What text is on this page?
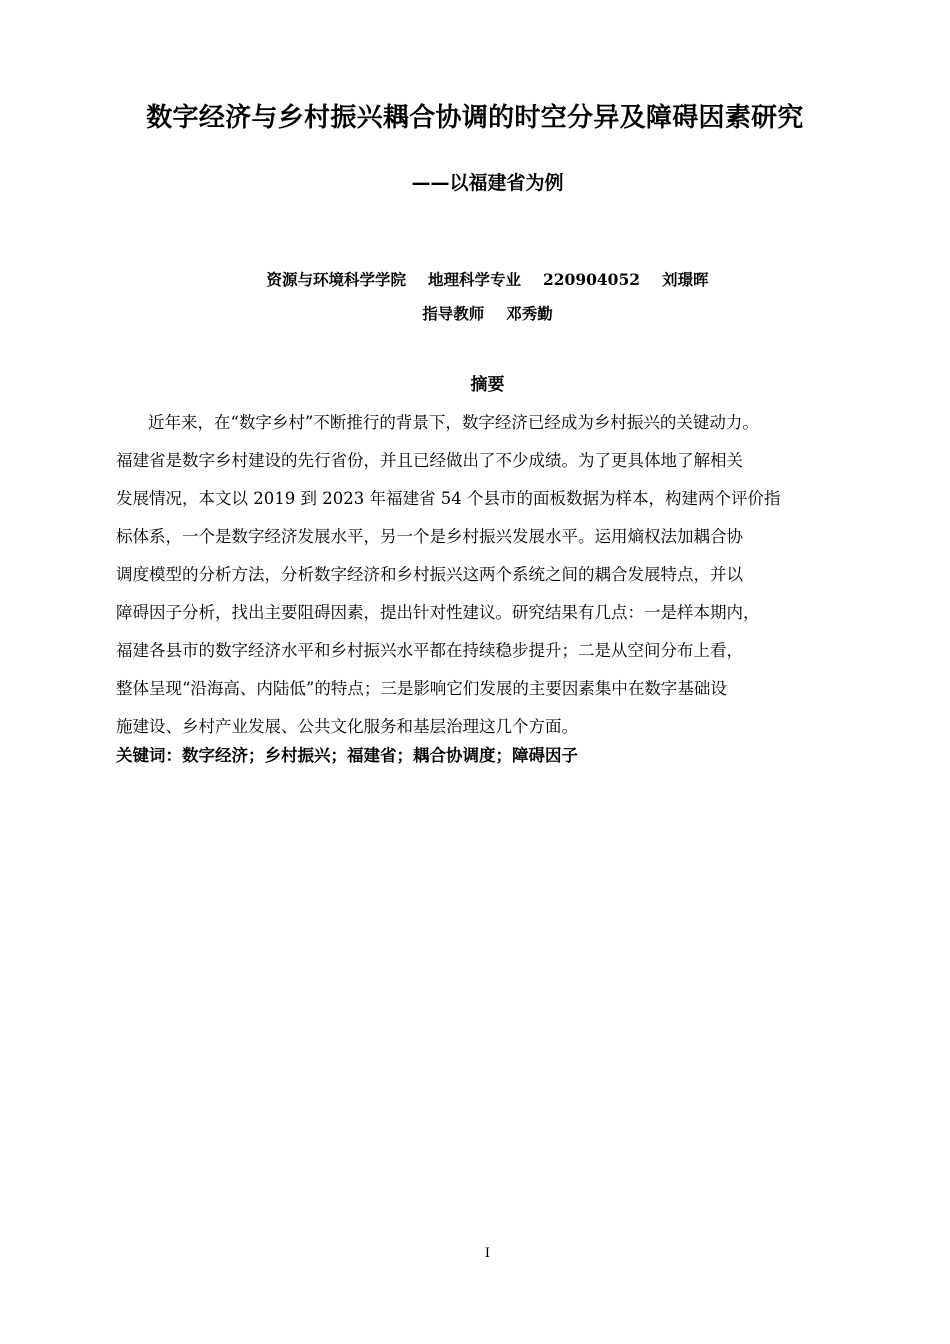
数字经济与乡村振兴耦合协调的时空分异及障碍因素研究
——以福建省为例
资源与环境科学学院 地理科学专业 220904052 刘璟晖
指导教师 邓秀勤
摘要
近年来，在“数字乡村”不断推行的背景下，数字经济已经成为乡村振兴的关键动力。
福建省是数字乡村建设的先行省份，并且已经做出了不少成绩。为了更具体地了解相关
发展情况，本文以 2019 到 2023 年福建省 54 个县市的面板数据为样本，构建两个评价指
标体系，一个是数字经济发展水平，另一个是乡村振兴发展水平。运用熵权法加耦合协
调度模型的分析方法，分析数字经济和乡村振兴这两个系统之间的耦合发展特点，并以
障碍因子分析，找出主要阻碍因素，提出针对性建议。研究结果有几点：一是样本期内，
福建各县市的数字经济水平和乡村振兴水平都在持续稳步提升；二是从空间分布上看，
整体呈现“沿海高、内陆低”的特点；三是影响它们发展的主要因素集中在数字基础设
施建设、乡村产业发展、公共文化服务和基层治理这几个方面。
关键词：数字经济；乡村振兴；福建省；耦合协调度；障碍因子
I
